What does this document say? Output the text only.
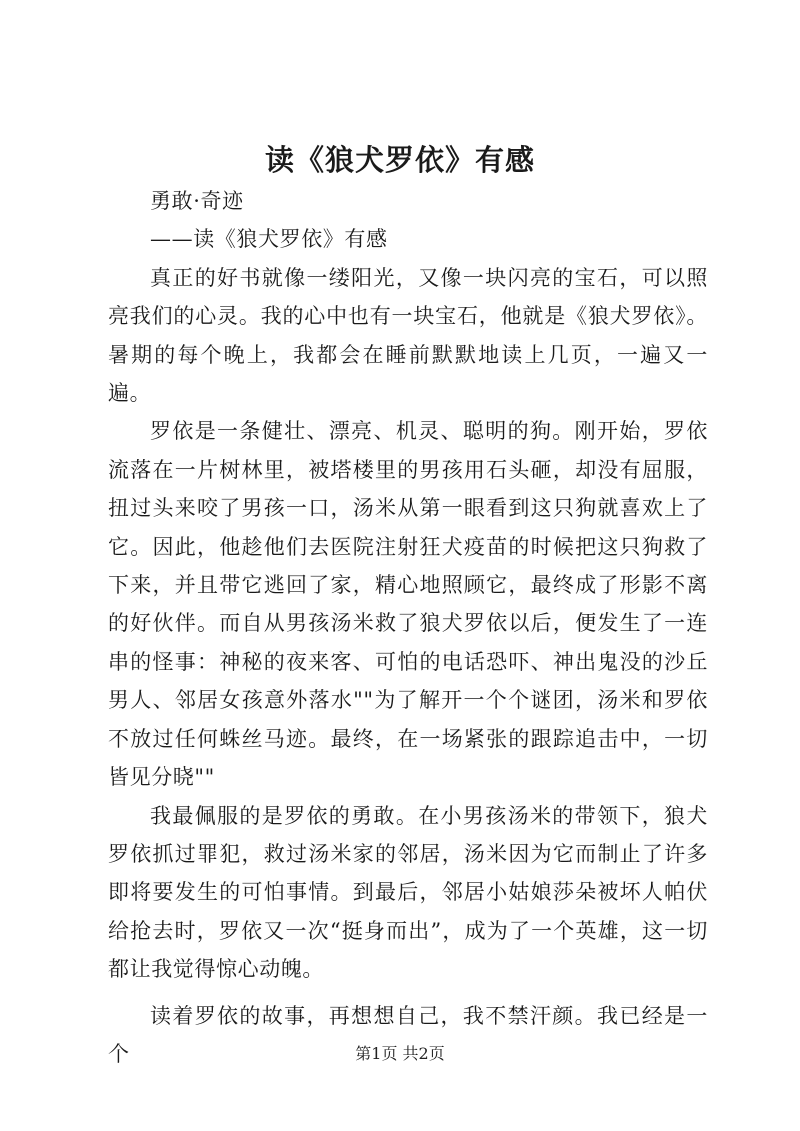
读《狼犬罗依》有感

勇敢·奇迹

——读《狼犬罗依》有感

真正的好书就像一缕阳光，又像一块闪亮的宝石，可以照亮我们的心灵。我的心中也有一块宝石，他就是《狼犬罗依》。暑期的每个晚上，我都会在睡前默默地读上几页，一遍又一遍。

罗依是一条健壮、漂亮、机灵、聪明的狗。刚开始，罗依流落在一片树林里，被塔楼里的男孩用石头砸，却没有屈服，扭过头来咬了男孩一口，汤米从第一眼看到这只狗就喜欢上了它。因此，他趁他们去医院注射狂犬疫苗的时候把这只狗救了下来，并且带它逃回了家，精心地照顾它，最终成了形影不离的好伙伴。而自从男孩汤米救了狼犬罗依以后，便发生了一连串的怪事：神秘的夜来客、可怕的电话恐吓、神出鬼没的沙丘男人、邻居女孩意外落水""为了解开一个个谜团，汤米和罗依不放过任何蛛丝马迹。最终，在一场紧张的跟踪追击中，一切皆见分晓""

我最佩服的是罗依的勇敢。在小男孩汤米的带领下，狼犬罗依抓过罪犯，救过汤米家的邻居，汤米因为它而制止了许多即将要发生的可怕事情。到最后，邻居小姑娘莎朵被坏人帕伏给抢去时，罗依又一次“挺身而出”，成为了一个英雄，这一切都让我觉得惊心动魄。

读着罗依的故事，再想想自己，我不禁汗颜。我已经是一个	第1页 共2页
